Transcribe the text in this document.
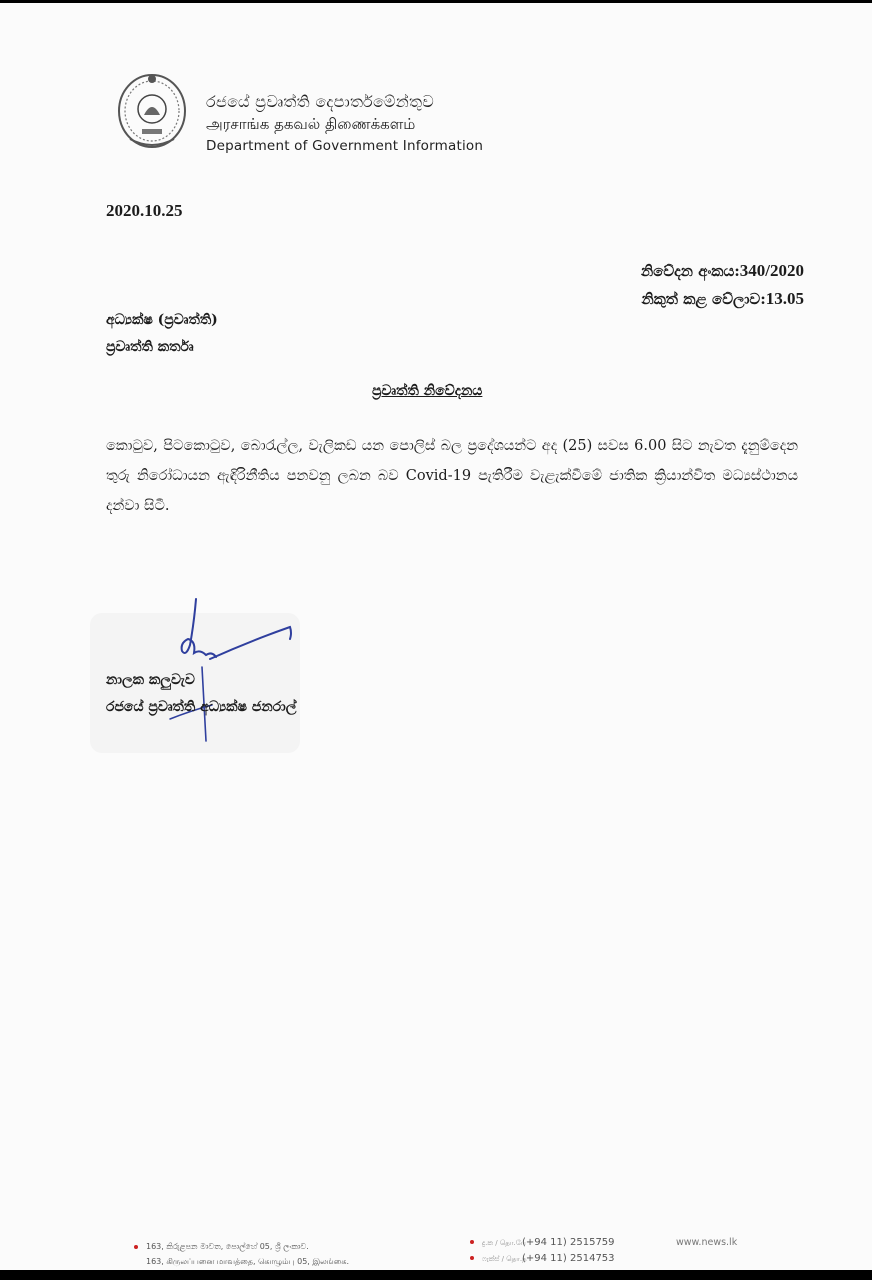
රජයේ ප්‍රවෘත්ති දෙපාර්තමේන්තුව
அரசாங்க தகவல் திணைக்களம்
Department of Government Information
2020.10.25
නිවේදන අංකය:340/2020
නිකුත් කළ වේලාව:13.05
අධ්‍යක්ෂ (ප්‍රවෘත්ති)
ප්‍රවෘත්ති කර්තෘ
ප්‍රවෘත්ති නිවේදනය
කොටුව, පිටකොටුව, බොරැල්ල, වැලිකඩ යන පොලිස් බල ප්‍රදේශයන්ට අද (25) සවස 6.00 සිට නැවත දැනුම්දෙන තුරු නිරෝධායන ඇඳිරිනීතිය පනවනු ලබන බව Covid-19 පැතිරීම වැළැක්වීමේ ජාතික ක්‍රියාන්විත මධ්‍යස්ථානය දන්වා සිටී.
නාලක කලුවැව
රජයේ ප්‍රවෘත්ති අධ්‍යක්ෂ ජනරාල්
163, කිරුළපන මාවත, පොල්හේ 05, ශ්‍රී ලංකාව.
163, கிருலப்பனை மாவத்தை, கொழும்பு 05, இலங்கை.
දු.ක / தொ.பே(+94 11) 2515759
ෆැක්ස් / தொ.ந(+94 11) 2514753
www.news.lk
